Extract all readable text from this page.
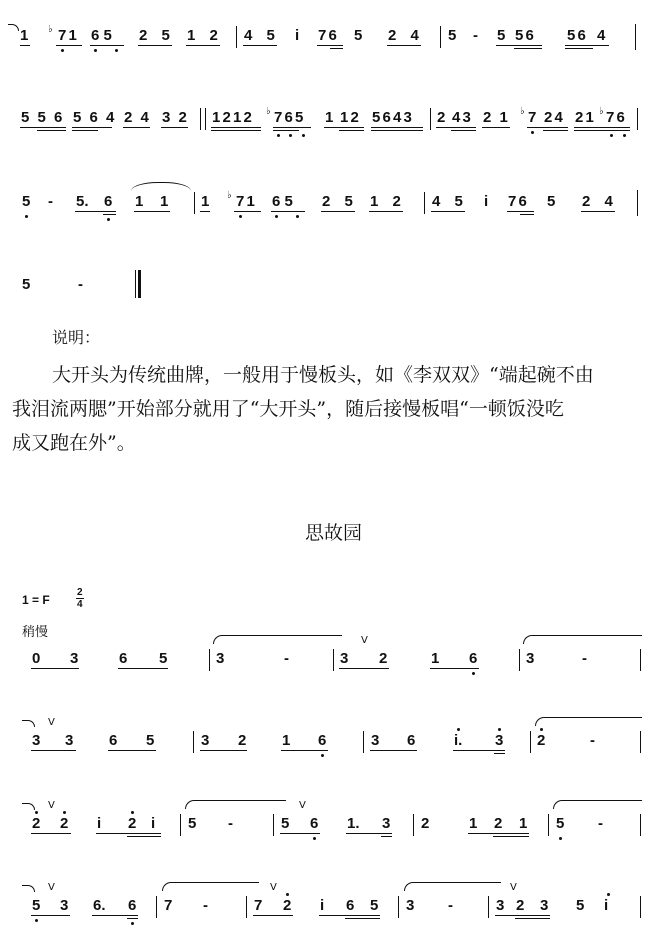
1 ♭ 7 1 6 5 2 5 1 2 4 5 i 7 6 5 2 4 5 - 5 5 6 5 6 4
5 5 6 5 6 4 2 4 3 2 1 2 1 2 ♭ 7 6 5 1 1 2 5 6 4 3 2 4 3 2 1 ♭ 7 2 4 2 1 ♭ 7 6
5 - 5. 6 1 1 1 ♭ 7 1 6 5 2 5 1 2 4 5 i 7 6 5 2 4
5	-
说明：
大开头为传统曲牌，一般用于慢板头，如《李双双》“端起碗不由
我泪流两腮”开始部分就用了“大开头”，随后接慢板唱“一顿饭没吃
成又跑在外”。
思故园
1 = F
2
4
稍慢
0 3	6 5	3	-	3
V
2	1 6	3	-
3
V
3 6 5	3 2 1 6	3 6	i. 3 2	-
2
V
2 i 2 i 5 -	5
V
6 1. 3 2	1 2 1 5 -
5
V
3 6. 6 7 -	7
V
2 i 6 5 3 -	3
V
2 3 5 i
